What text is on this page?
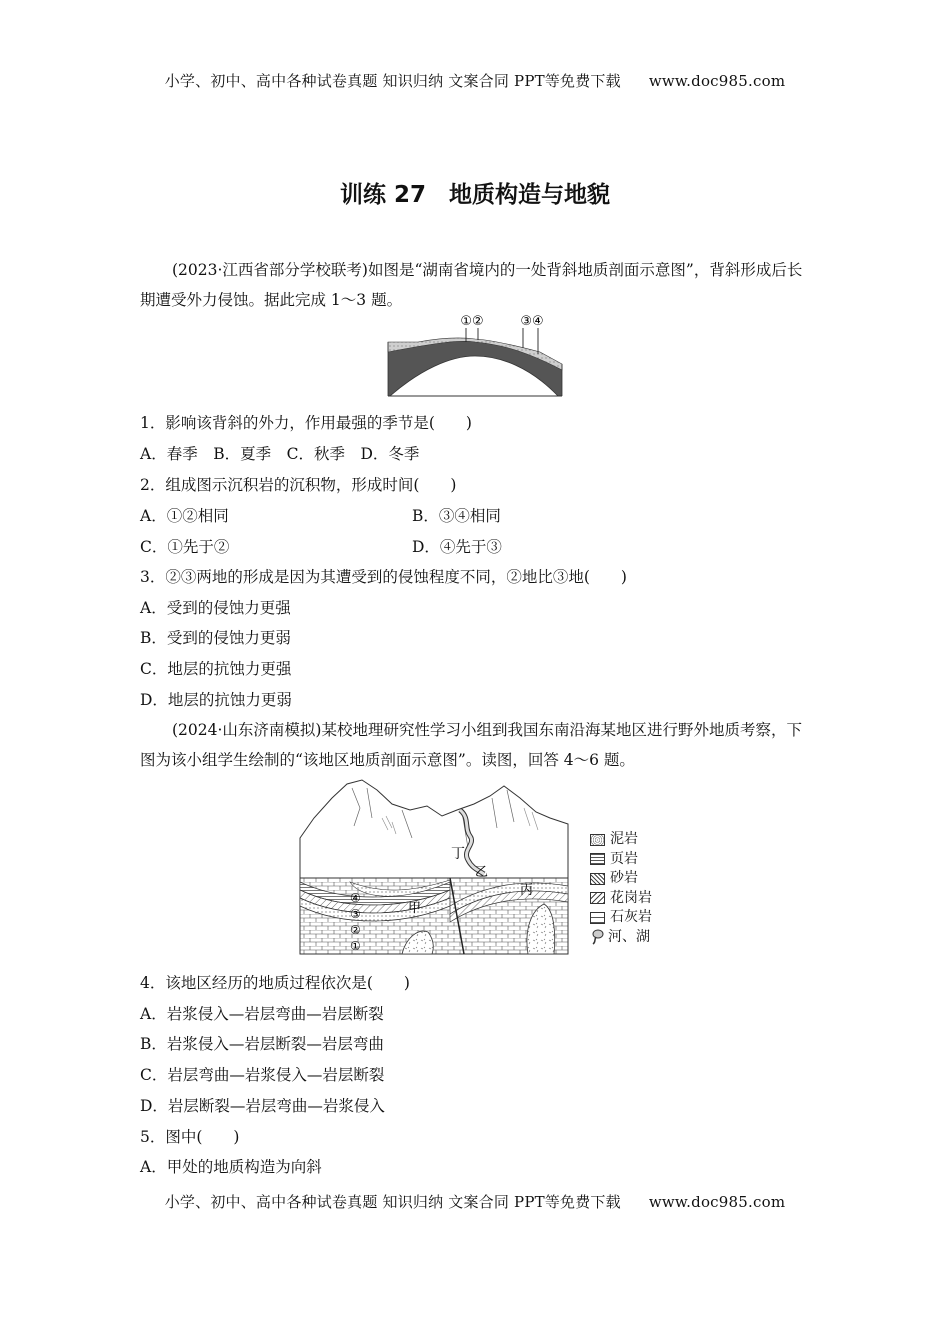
小学、初中、高中各种试卷真题 知识归纳 文案合同 PPT等免费下载 www.doc985.com
训练 27　地质构造与地貌
(2023·江西省部分学校联考)如图是“湖南省境内的一处背斜地质剖面示意图”，背斜形成后长期遭受外力侵蚀。据此完成 1～3 题。
①②	③④
1．影响该背斜的外力，作用最强的季节是(　　)
A．春季　B．夏季　C．秋季　D．冬季
2．组成图示沉积岩的沉积物，形成时间(　　)
A．①②相同	B．③④相同
C．①先于②	D．④先于③
3．②③两地的形成是因为其遭受到的侵蚀程度不同，②地比③地(　　)
A．受到的侵蚀力更强
B．受到的侵蚀力更弱
C．地层的抗蚀力更强
D．地层的抗蚀力更弱
(2024·山东济南模拟)某校地理研究性学习小组到我国东南沿海某地区进行野外地质考察，下图为该小组学生绘制的“该地区地质剖面示意图”。读图，回答 4～6 题。
丁
乙
甲
丙
④
③
②
①
泥岩
页岩
砂岩
花岗岩
石灰岩
河、湖
4．该地区经历的地质过程依次是(　　)
A．岩浆侵入—岩层弯曲—岩层断裂
B．岩浆侵入—岩层断裂—岩层弯曲
C．岩层弯曲—岩浆侵入—岩层断裂
D．岩层断裂—岩层弯曲—岩浆侵入
5．图中(　　)
A．甲处的地质构造为向斜
小学、初中、高中各种试卷真题 知识归纳 文案合同 PPT等免费下载 www.doc985.com
